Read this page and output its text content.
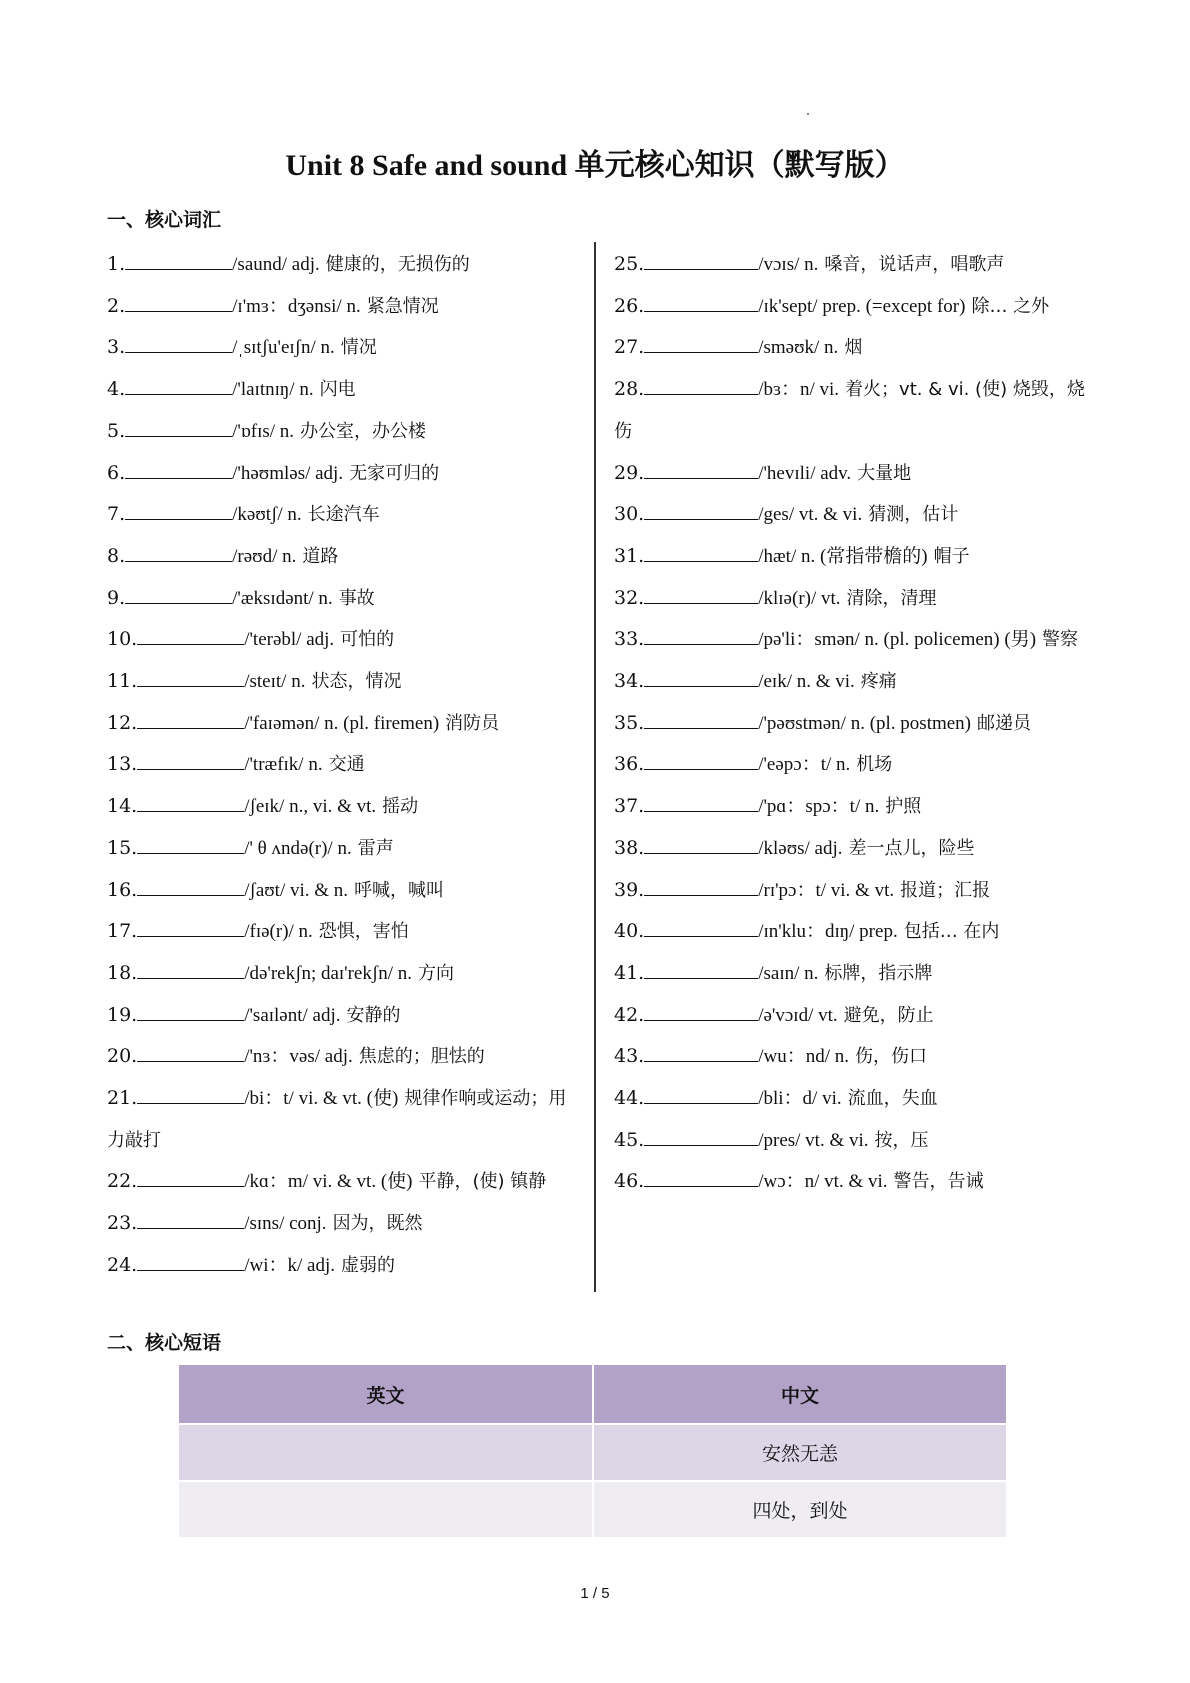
Unit 8 Safe and sound 单元核心知识（默写版）
一、核心词汇
1.	/saund/ adj. 健康的，无损伤的
2.	/ɪ'mɜ：dʒənsi/ n. 紧急情况
3.	/ˌsɪtʃu'eɪʃn/ n. 情况
4.	/'laɪtnɪŋ/ n. 闪电
5.	/'ɒfɪs/ n. 办公室，办公楼
6.	/'həʊmləs/ adj. 无家可归的
7.	/kəʊtʃ/ n. 长途汽车
8.	/rəʊd/ n. 道路
9.	/'æksɪdənt/ n. 事故
10.	/'terəbl/ adj. 可怕的
11.	/steɪt/ n. 状态，情况
12.	/'faɪəmən/ n. (pl. firemen) 消防员
13.	/'træfɪk/ n. 交通
14.	/ʃeɪk/ n., vi. & vt. 摇动
15.	/' θ ʌndə(r)/ n. 雷声
16.	/ʃaʊt/ vi. & n. 呼喊，喊叫
17.	/fɪə(r)/ n. 恐惧，害怕
18.	/də'rekʃn; daɪ'rekʃn/ n. 方向
19.	/'saɪlənt/ adj. 安静的
20.	/'nɜ：vəs/ adj. 焦虑的；胆怯的
21.	/bi：t/ vi. & vt. (使) 规律作响或运动；用力敲打
22.	/kɑ：m/ vi. & vt. (使) 平静，(使) 镇静
23.	/sɪns/ conj. 因为，既然
24.	/wi：k/ adj. 虚弱的
25.	/vɔɪs/ n. 嗓音，说话声，唱歌声
26.	/ɪk'sept/ prep. (=except for) 除… 之外
27.	/sməʊk/ n. 烟
28.	/bɜ：n/ vi. 着火；vt. & vi. (使) 烧毁，烧伤
29.	/'hevɪli/ adv. 大量地
30.	/ges/ vt. & vi. 猜测，估计
31.	/hæt/ n. (常指带檐的) 帽子
32.	/klɪə(r)/ vt. 清除，清理
33.	/pə'li：smən/ n. (pl. policemen) (男) 警察
34.	/eɪk/ n. & vi. 疼痛
35.	/'pəʊstmən/ n. (pl. postmen) 邮递员
36.	/'eəpɔ：t/ n. 机场
37.	/'pɑ：spɔ：t/ n. 护照
38.	/kləʊs/ adj. 差一点儿，险些
39.	/rɪ'pɔ：t/ vi. & vt. 报道；汇报
40.	/ɪn'klu：dɪŋ/ prep. 包括… 在内
41.	/saɪn/ n. 标牌，指示牌
42.	/ə'vɔɪd/ vt. 避免，防止
43.	/wu：nd/ n. 伤，伤口
44.	/bli：d/ vi. 流血，失血
45.	/pres/ vt. & vi. 按，压
46.	/wɔ：n/ vt. & vi. 警告，告诫
二、核心短语
英文	中文
	安然无恙
	四处，到处
1 / 5
